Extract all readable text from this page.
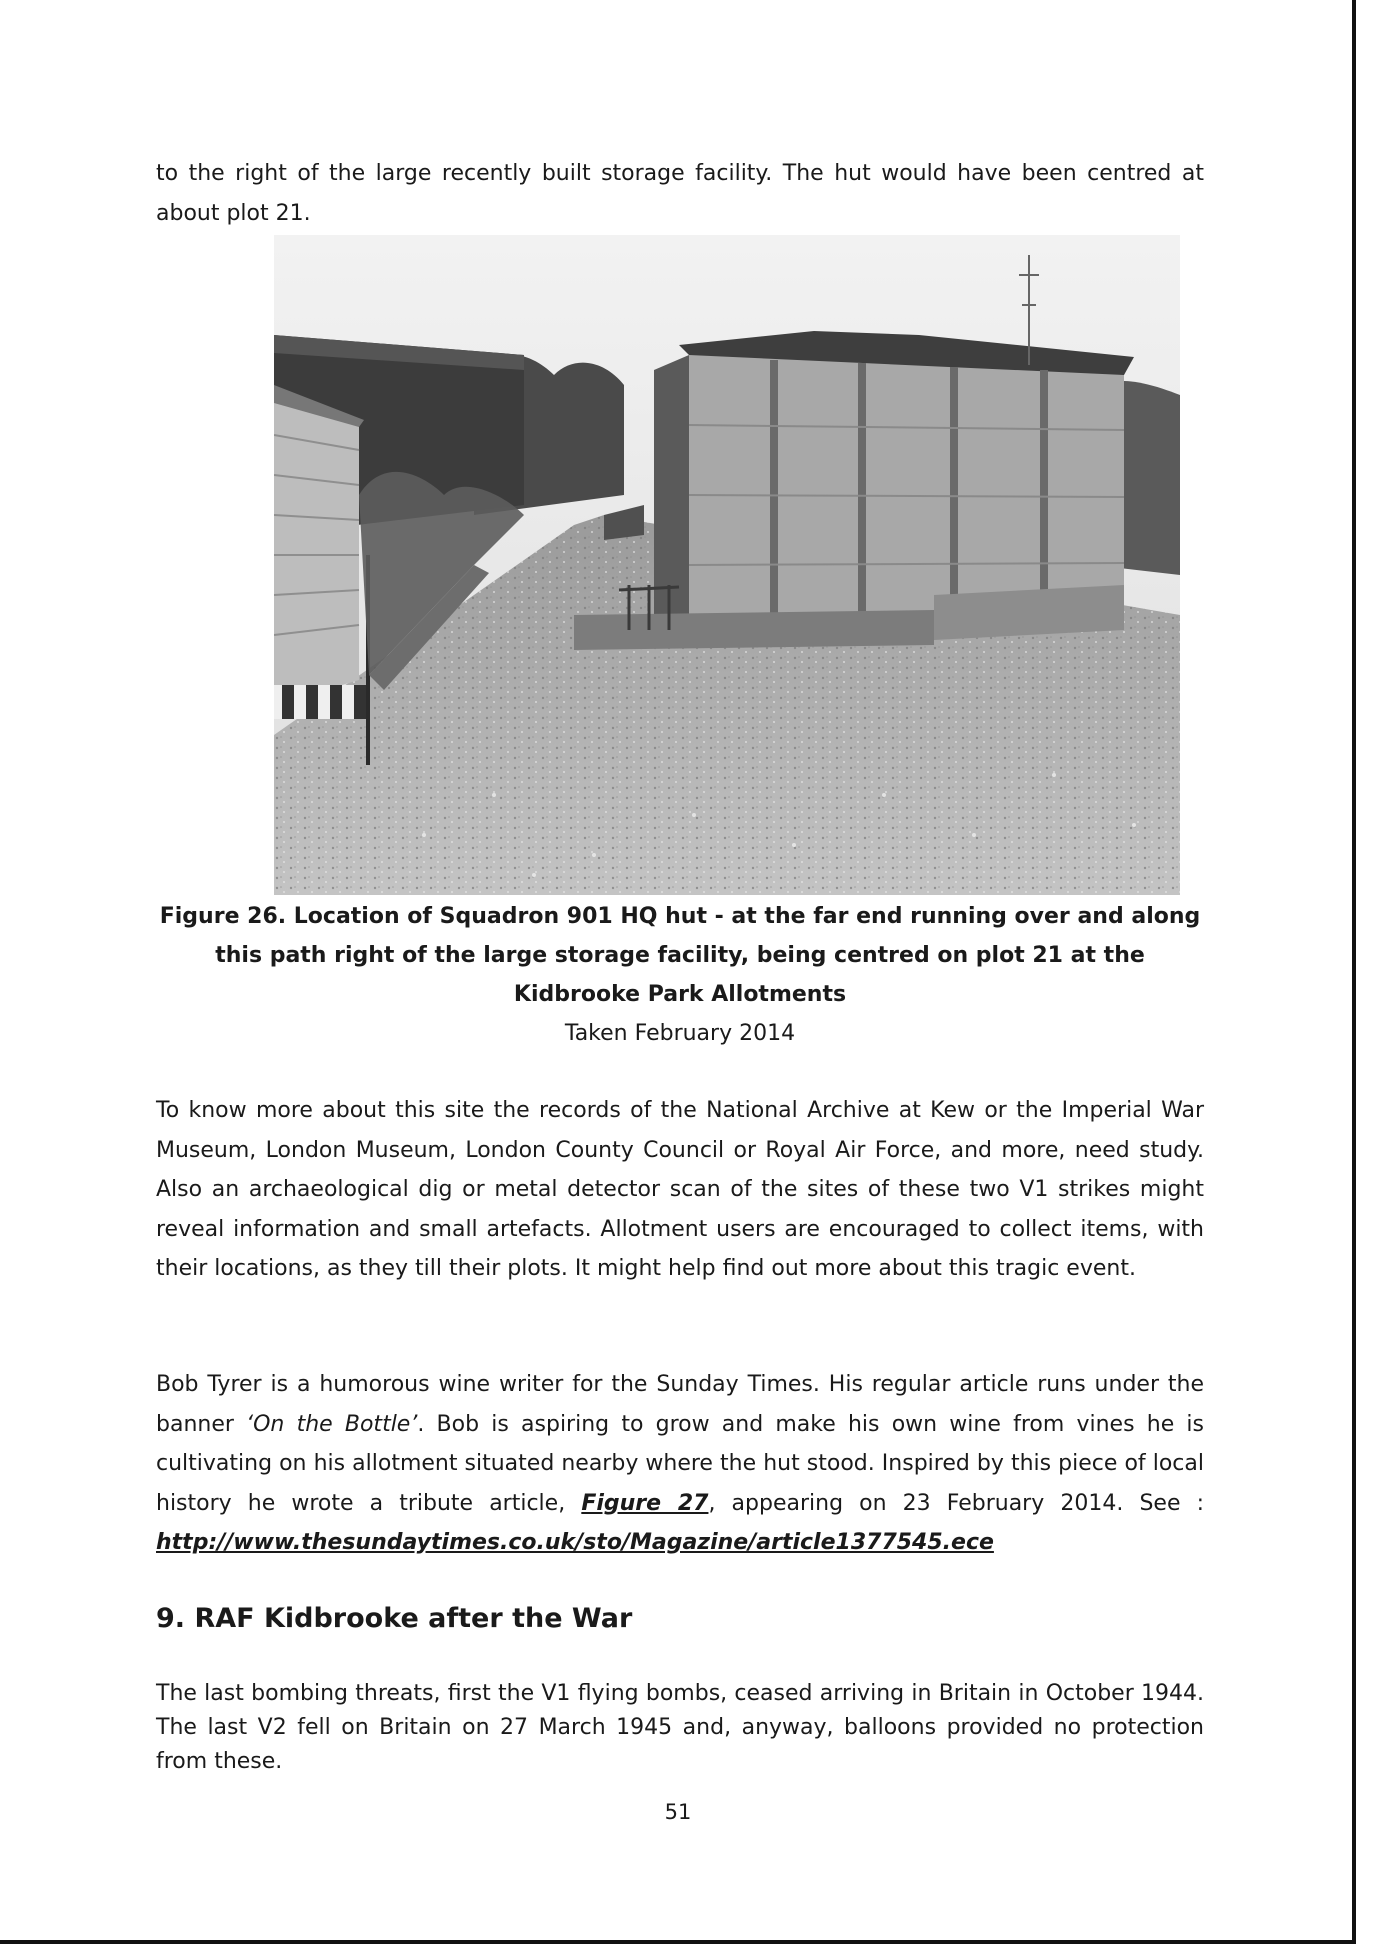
to the right of the large recently built storage facility. The hut would have been centred at about plot 21.

Figure 26. Location of Squadron 901 HQ hut - at the far end running over and along this path right of the large storage facility, being centred on plot 21 at the Kidbrooke Park Allotments
Taken February 2014

To know more about this site the records of the National Archive at Kew or the Imperial War Museum, London Museum, London County Council or Royal Air Force, and more, need study. Also an archaeological dig or metal detector scan of the sites of these two V1 strikes might reveal information and small artefacts. Allotment users are encouraged to collect items, with their locations, as they till their plots. It might help find out more about this tragic event.

Bob Tyrer is a humorous wine writer for the Sunday Times. His regular article runs under the banner ‘On the Bottle’. Bob is aspiring to grow and make his own wine from vines he is cultivating on his allotment situated nearby where the hut stood. Inspired by this piece of local history he wrote a tribute article, Figure 27, appearing on 23 February 2014. See : http://www.thesundaytimes.co.uk/sto/Magazine/article1377545.ece

9. RAF Kidbrooke after the War

The last bombing threats, first the V1 flying bombs, ceased arriving in Britain in October 1944. The last V2 fell on Britain on 27 March 1945 and, anyway, balloons provided no protection from these.

51
